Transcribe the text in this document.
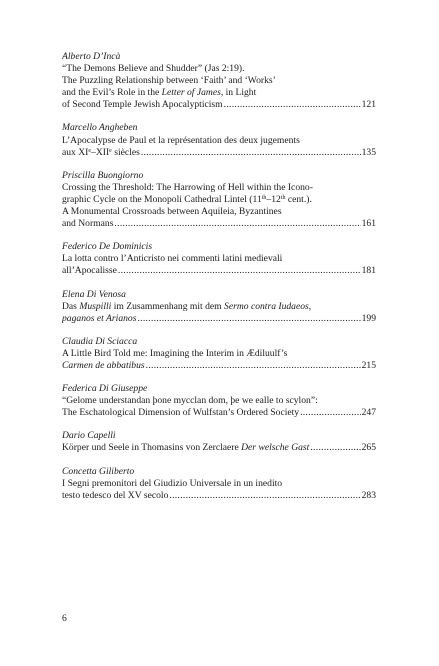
Alberto D’Incà
“The Demons Believe and Shudder” (Jas 2:19).
The Puzzling Relationship between ‘Faith’ and ‘Works’
and the Evil’s Role in the Letter of James, in Light
of Second Temple Jewish Apocalypticism .....	121
Marcello Angheben
L’Apocalypse de Paul et la représentation des deux jugements
aux XIe–XIIe siècles .....	135
Priscilla Buongiorno
Crossing the Threshold: The Harrowing of Hell within the Icono-
graphic Cycle on the Monopoli Cathedral Lintel (11th–12th cent.).
A Monumental Crossroads between Aquileia, Byzantines
and Normans .....	161
Federico De Dominicis
La lotta contro l’Anticristo nei commenti latini medievali
all’Apocalisse .....	181
Elena Di Venosa
Das Muspilli im Zusammenhang mit dem Sermo contra Iudaeos,
paganos et Arianos .....	199
Claudia Di Sciacca
A Little Bird Told me: Imagining the Interim in Ædiluulf’s
Carmen de abbatibus .....	215
Federica Di Giuseppe
“Gelome understandan þone mycclan dom, þe we ealle to scylon”:
The Eschatological Dimension of Wulfstan’s Ordered Society .....	247
Dario Capelli
Körper und Seele in Thomasins von Zerclaere Der welsche Gast .....	265
Concetta Giliberto
I Segni premonitori del Giudizio Universale in un inedito
testo tedesco del XV secolo .....	283
6
